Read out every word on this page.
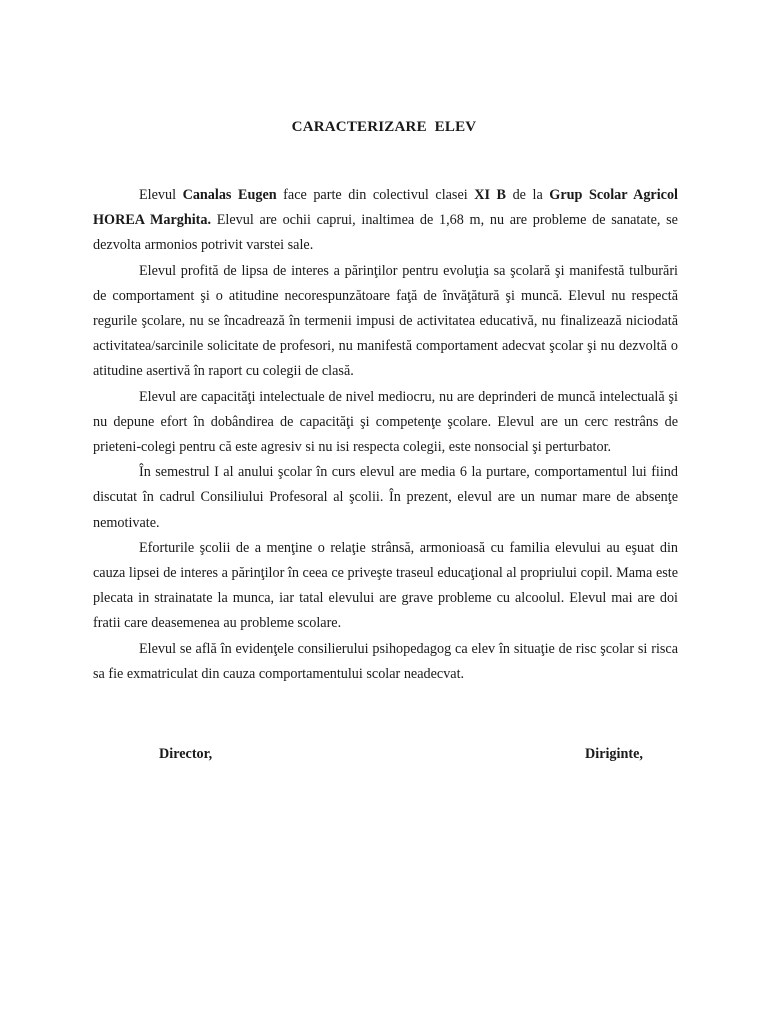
CARACTERIZARE  ELEV

Elevul Canalas Eugen face parte din colectivul clasei XI B de la Grup Scolar Agricol HOREA Marghita. Elevul are ochii caprui, inaltimea de 1,68 m, nu are probleme de sanatate, se dezvolta armonios potrivit varstei sale.

Elevul profită de lipsa de interes a părinţilor pentru evoluţia sa şcolară şi manifestă tulburări de comportament şi o atitudine necorespunzătoare faţă de învăţătură şi muncă. Elevul nu respectă regurile şcolare, nu se încadrează în termenii impusi de activitatea educativă, nu finalizează niciodată activitatea/sarcinile solicitate de profesori, nu manifestă comportament adecvat şcolar şi nu dezvoltă o atitudine asertivă în raport cu colegii de clasă.

Elevul are capacităţi intelectuale de nivel mediocru, nu are deprinderi de muncă intelectuală şi nu depune efort în dobândirea de capacităţi şi competenţe şcolare. Elevul are un cerc restrâns de prieteni-colegi pentru că este agresiv si nu isi respecta colegii, este nonsocial şi perturbator.

În semestrul I al anului şcolar în curs elevul are media 6 la purtare, comportamentul lui fiind discutat în cadrul Consiliului Profesoral al şcolii. În prezent, elevul are un numar mare de absenţe nemotivate.

Eforturile şcolii de a menţine o relaţie strânsă, armonioasă cu familia elevului au eşuat din cauza lipsei de interes a părinţilor în ceea ce priveşte traseul educaţional al propriului copil. Mama este plecata in strainatate la munca, iar tatal elevului are grave probleme cu alcoolul. Elevul mai are doi fratii care deasemenea au probleme scolare.

Elevul se află în evidenţele consilierului psihopedagog ca elev în situaţie de risc şcolar si risca sa fie exmatriculat din cauza comportamentului scolar neadecvat.

Director,	Diriginte,
